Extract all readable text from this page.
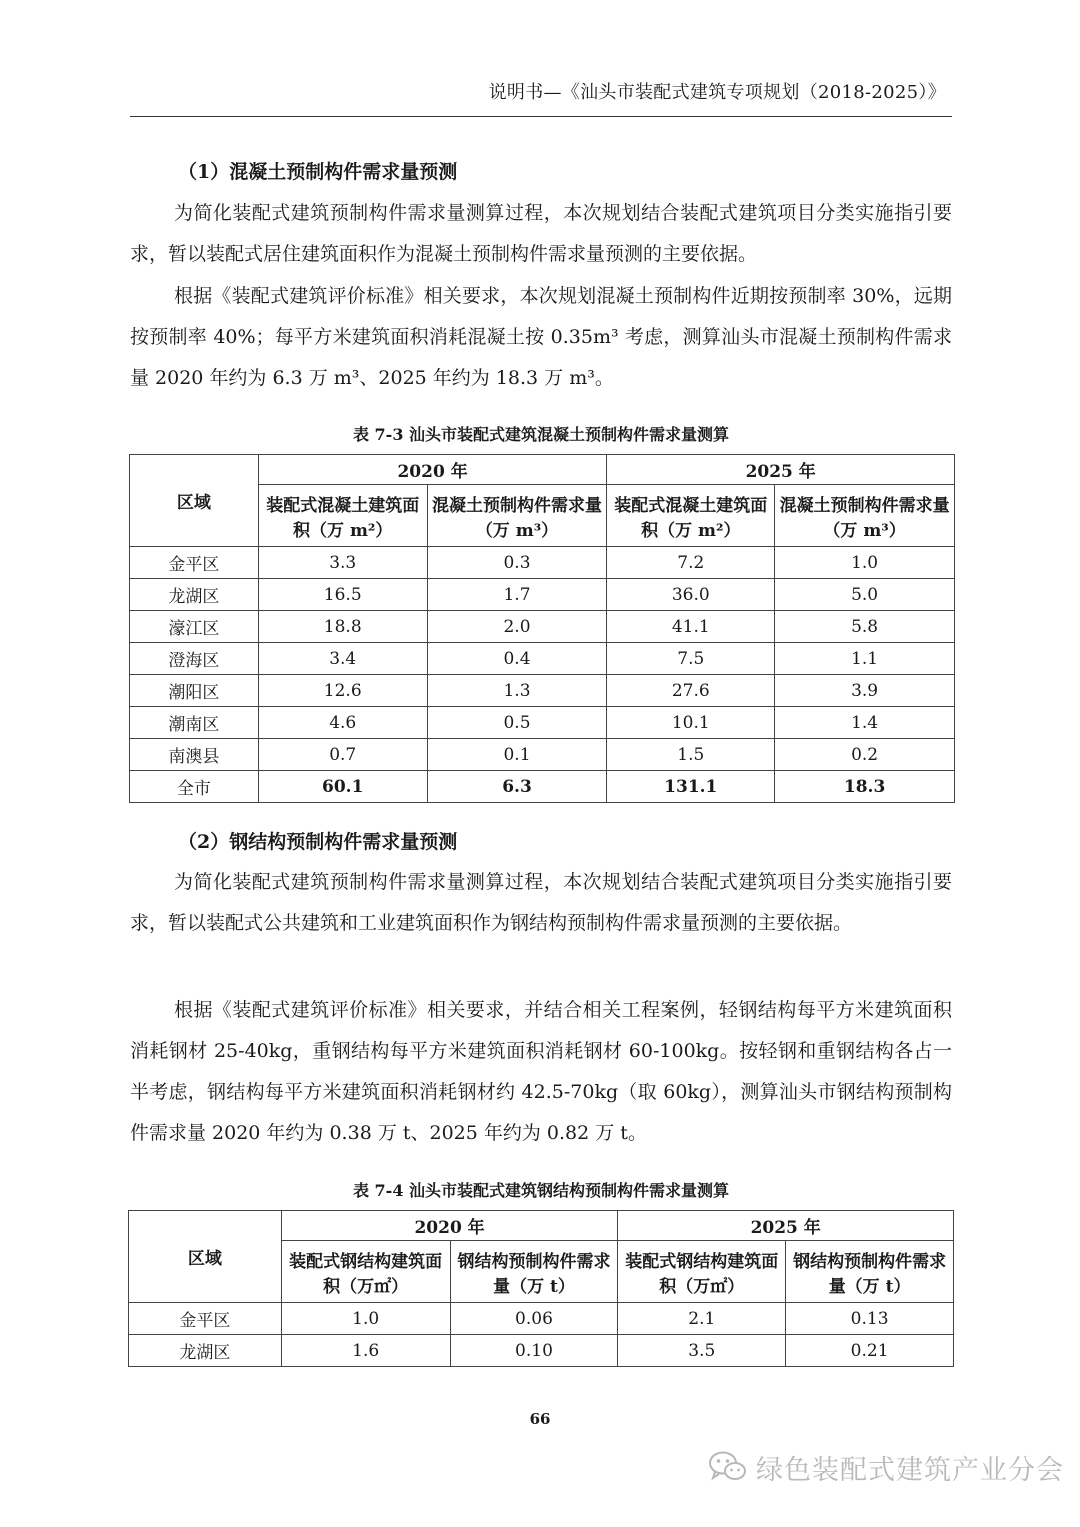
说明书—《汕头市装配式建筑专项规划（2018-2025）》
（1）混凝土预制构件需求量预测

为简化装配式建筑预制构件需求量测算过程，本次规划结合装配式建筑项目分类实施指引要求，暂以装配式居住建筑面积作为混凝土预制构件需求量预测的主要依据。

根据《装配式建筑评价标准》相关要求，本次规划混凝土预制构件近期按预制率 30%，远期按预制率 40%；每平方米建筑面积消耗混凝土按 0.35m³ 考虑，测算汕头市混凝土预制构件需求量 2020 年约为 6.3 万 m³、2025 年约为 18.3 万 m³。

表 7-3 汕头市装配式建筑混凝土预制构件需求量测算
区域	2020 年		2025 年	
	装配式混凝土建筑面积（万 m²）	混凝土预制构件需求量（万 m³）	装配式混凝土建筑面积（万 m²）	混凝土预制构件需求量（万 m³）
金平区	3.3	0.3	7.2	1.0
龙湖区	16.5	1.7	36.0	5.0
濠江区	18.8	2.0	41.1	5.8
澄海区	3.4	0.4	7.5	1.1
潮阳区	12.6	1.3	27.6	3.9
潮南区	4.6	0.5	10.1	1.4
南澳县	0.7	0.1	1.5	0.2
全市	60.1	6.3	131.1	18.3
（2）钢结构预制构件需求量预测

为简化装配式建筑预制构件需求量测算过程，本次规划结合装配式建筑项目分类实施指引要求，暂以装配式公共建筑和工业建筑面积作为钢结构预制构件需求量预测的主要依据。

根据《装配式建筑评价标准》相关要求，并结合相关工程案例，轻钢结构每平方米建筑面积消耗钢材 25-40kg，重钢结构每平方米建筑面积消耗钢材 60-100kg。按轻钢和重钢结构各占一半考虑，钢结构每平方米建筑面积消耗钢材约 42.5-70kg（取 60kg），测算汕头市钢结构预制构件需求量 2020 年约为 0.38 万 t、2025 年约为 0.82 万 t。

表 7-4 汕头市装配式建筑钢结构预制构件需求量测算
区域	2020 年		2025 年	
	装配式钢结构建筑面积（万㎡）	钢结构预制构件需求量（万 t）	装配式钢结构建筑面积（万㎡）	钢结构预制构件需求量（万 t）
金平区	1.0	0.06	2.1	0.13
龙湖区	1.6	0.10	3.5	0.21
66
绿色装配式建筑产业分会
